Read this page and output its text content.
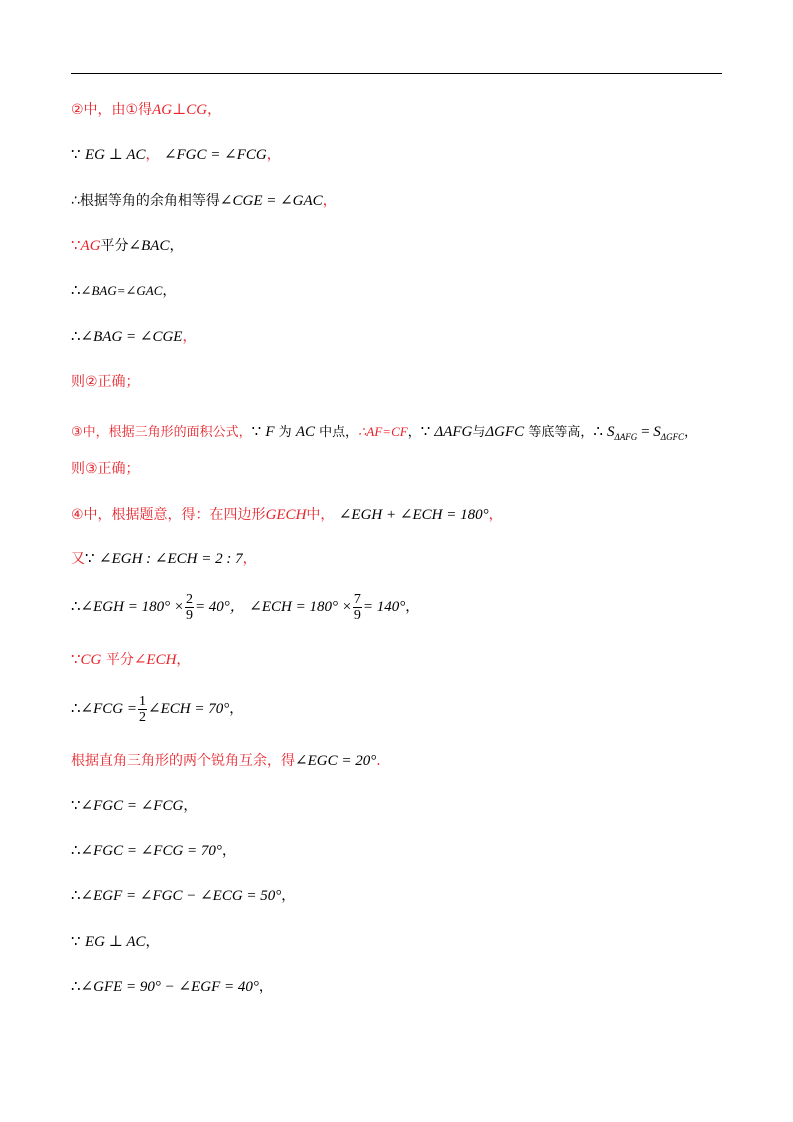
②中，由①得AG⊥CG，
∵ EG ⊥ AC， ∠FGC = ∠FCG，
∴根据等角的余角相等得∠CGE = ∠GAC，
∵AG平分∠BAC，
∴∠BAG=∠GAC，
∴∠BAG = ∠CGE，
则②正确；
③中，根据三角形的面积公式，∵ F 为 AC 中点，∴AF=CF，∵ ΔAFG与ΔGFC 等底等高，∴ $S_{\Delta AFG} = S_{\Delta GFC}$，
则③正确；
④中，根据题意，得：在四边形GECH中， ∠EGH + ∠ECH = 180°，
又∵ ∠EGH : ∠ECH = 2 : 7，
∴∠EGH = $180^\circ \times \frac{2}{9} = 40^\circ$， ∠ECH = $180^\circ \times \frac{7}{9} = 140^\circ$，
∵CG 平分∠ECH，
∴∠FCG = $\frac{1}{2}$ ∠ECH = 70°，
根据直角三角形的两个锐角互余，得∠EGC = 20°.
∵∠FGC = ∠FCG，
∴∠FGC = ∠FCG = 70°，
∴∠EGF = ∠FGC − ∠ECG = 50°，
∵ EG ⊥ AC，
∴∠GFE = 90° − ∠EGF = 40°，
